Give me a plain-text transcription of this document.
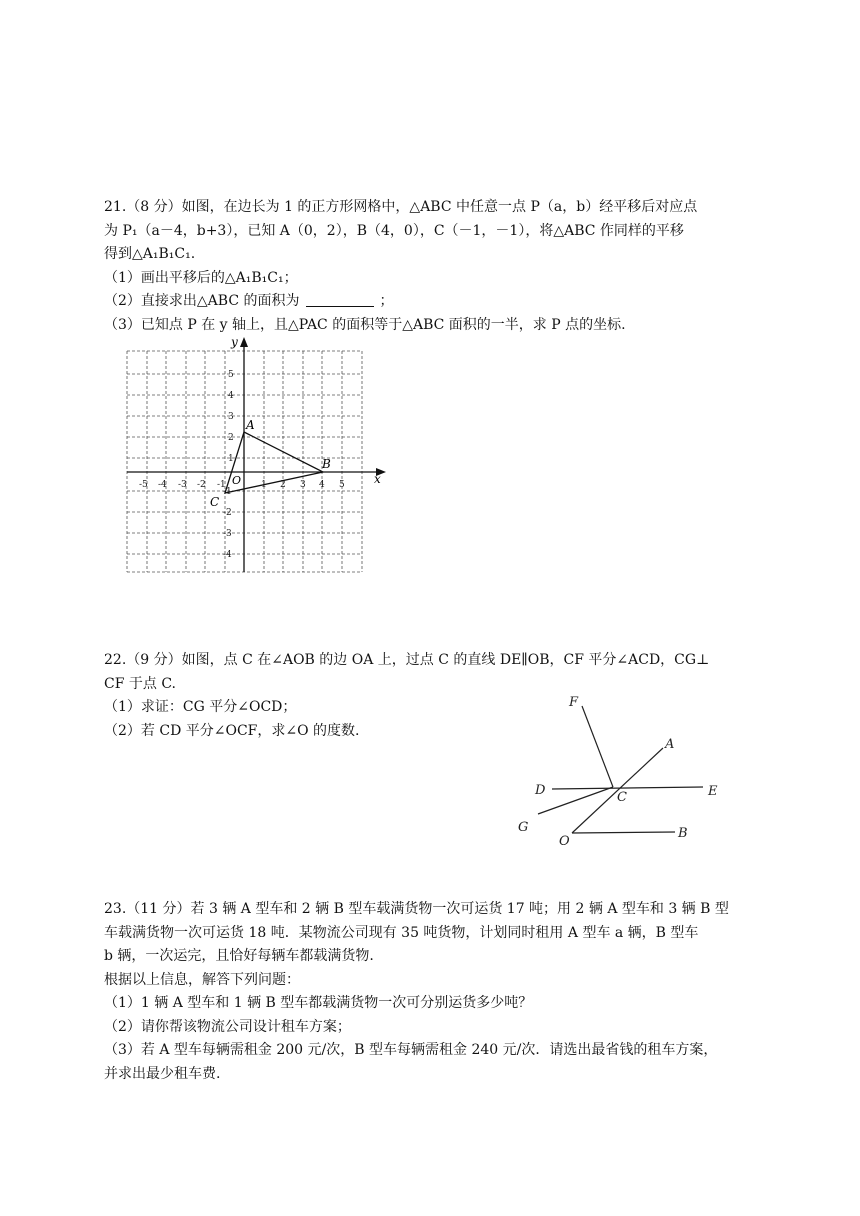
21.（8 分）如图，在边长为 1 的正方形网格中，△ABC 中任意一点 P（a，b）经平移后对应点

为 P₁（a－4，b+3），已知 A（0，2），B（4，0），C（－1，－1），将△ABC 作同样的平移

得到△A₁B₁C₁.

（1）画出平移后的△A₁B₁C₁；

（2）直接求出△ABC 的面积为	；

（3）已知点 P 在 y 轴上，且△PAC 的面积等于△ABC 面积的一半，求 P 点的坐标.

x
y
-5 -4 -3 -2 -1	1 2 3 4 5
5
4
3
2
1
-1
-2
-3
-4
A
B
C
O

22.（9 分）如图，点 C 在∠AOB 的边 OA 上，过点 C 的直线 DE∥OB，CF 平分∠ACD，CG⊥

CF 于点 C.

（1）求证：CG 平分∠OCD；

（2）若 CD 平分∠OCF，求∠O 的度数.

F
A
D	C	E
G
O
B

23.（11 分）若 3 辆 A 型车和 2 辆 B 型车载满货物一次可运货 17 吨；用 2 辆 A 型车和 3 辆 B 型

车载满货物一次可运货 18 吨．某物流公司现有 35 吨货物，计划同时租用 A 型车 a 辆，B 型车

b 辆，一次运完，且恰好每辆车都载满货物.

根据以上信息，解答下列问题：

（1）1 辆 A 型车和 1 辆 B 型车都载满货物一次可分别运货多少吨？

（2）请你帮该物流公司设计租车方案；

（3）若 A 型车每辆需租金 200 元/次，B 型车每辆需租金 240 元/次．请选出最省钱的租车方案，

并求出最少租车费.
